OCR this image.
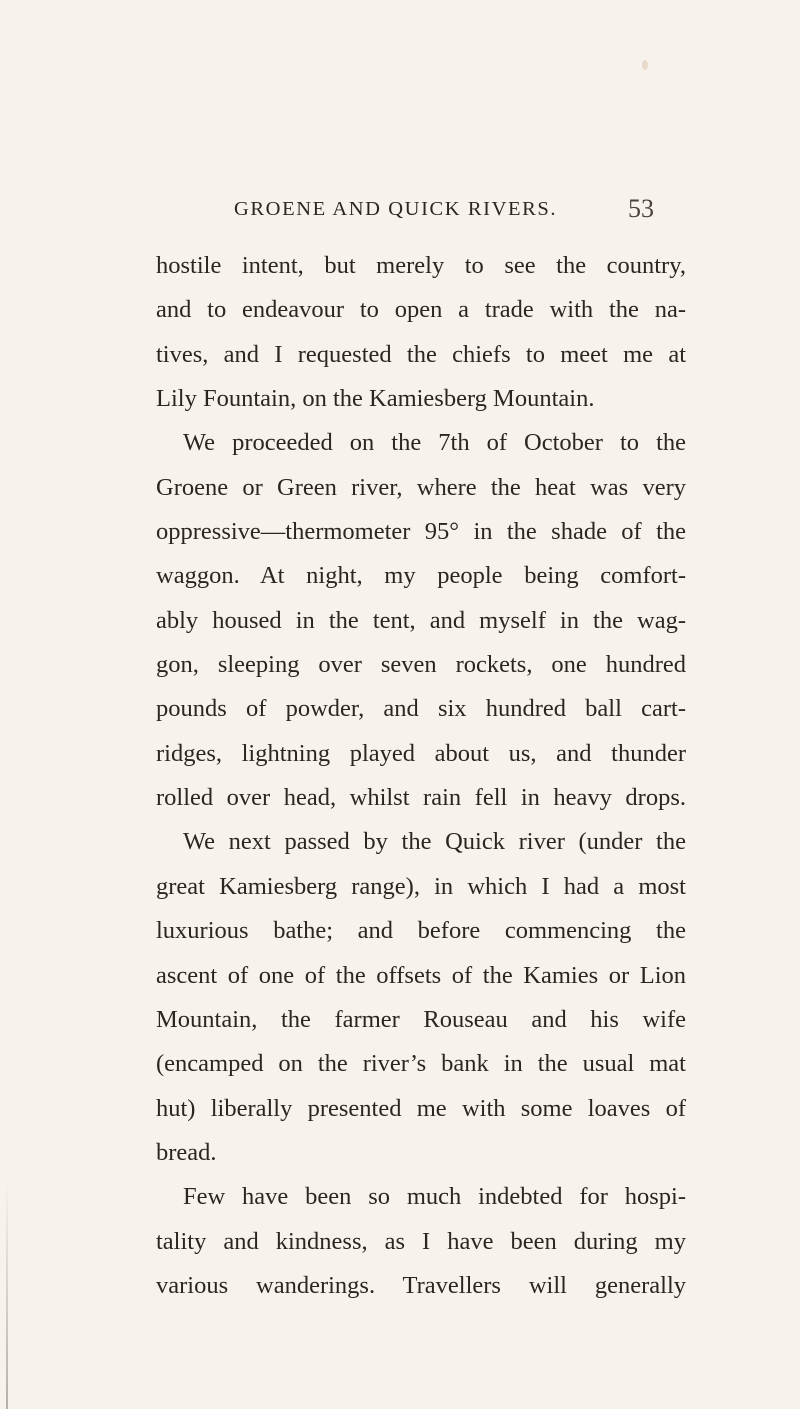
GROENE AND QUICK RIVERS.	53
hostile intent, but merely to see the country,
and to endeavour to open a trade with the na-
tives, and I requested the chiefs to meet me at
Lily Fountain, on the Kamiesberg Mountain.
We proceeded on the 7th of October to the
Groene or Green river, where the heat was very
oppressive—thermometer 95° in the shade of the
waggon. At night, my people being comfort-
ably housed in the tent, and myself in the wag-
gon, sleeping over seven rockets, one hundred
pounds of powder, and six hundred ball cart-
ridges, lightning played about us, and thunder
rolled over head, whilst rain fell in heavy drops.
We next passed by the Quick river (under the
great Kamiesberg range), in which I had a most
luxurious bathe; and before commencing the
ascent of one of the offsets of the Kamies or Lion
Mountain, the farmer Rouseau and his wife
(encamped on the river’s bank in the usual mat
hut) liberally presented me with some loaves of
bread.
Few have been so much indebted for hospi-
tality and kindness, as I have been during my
various wanderings. Travellers will generally
